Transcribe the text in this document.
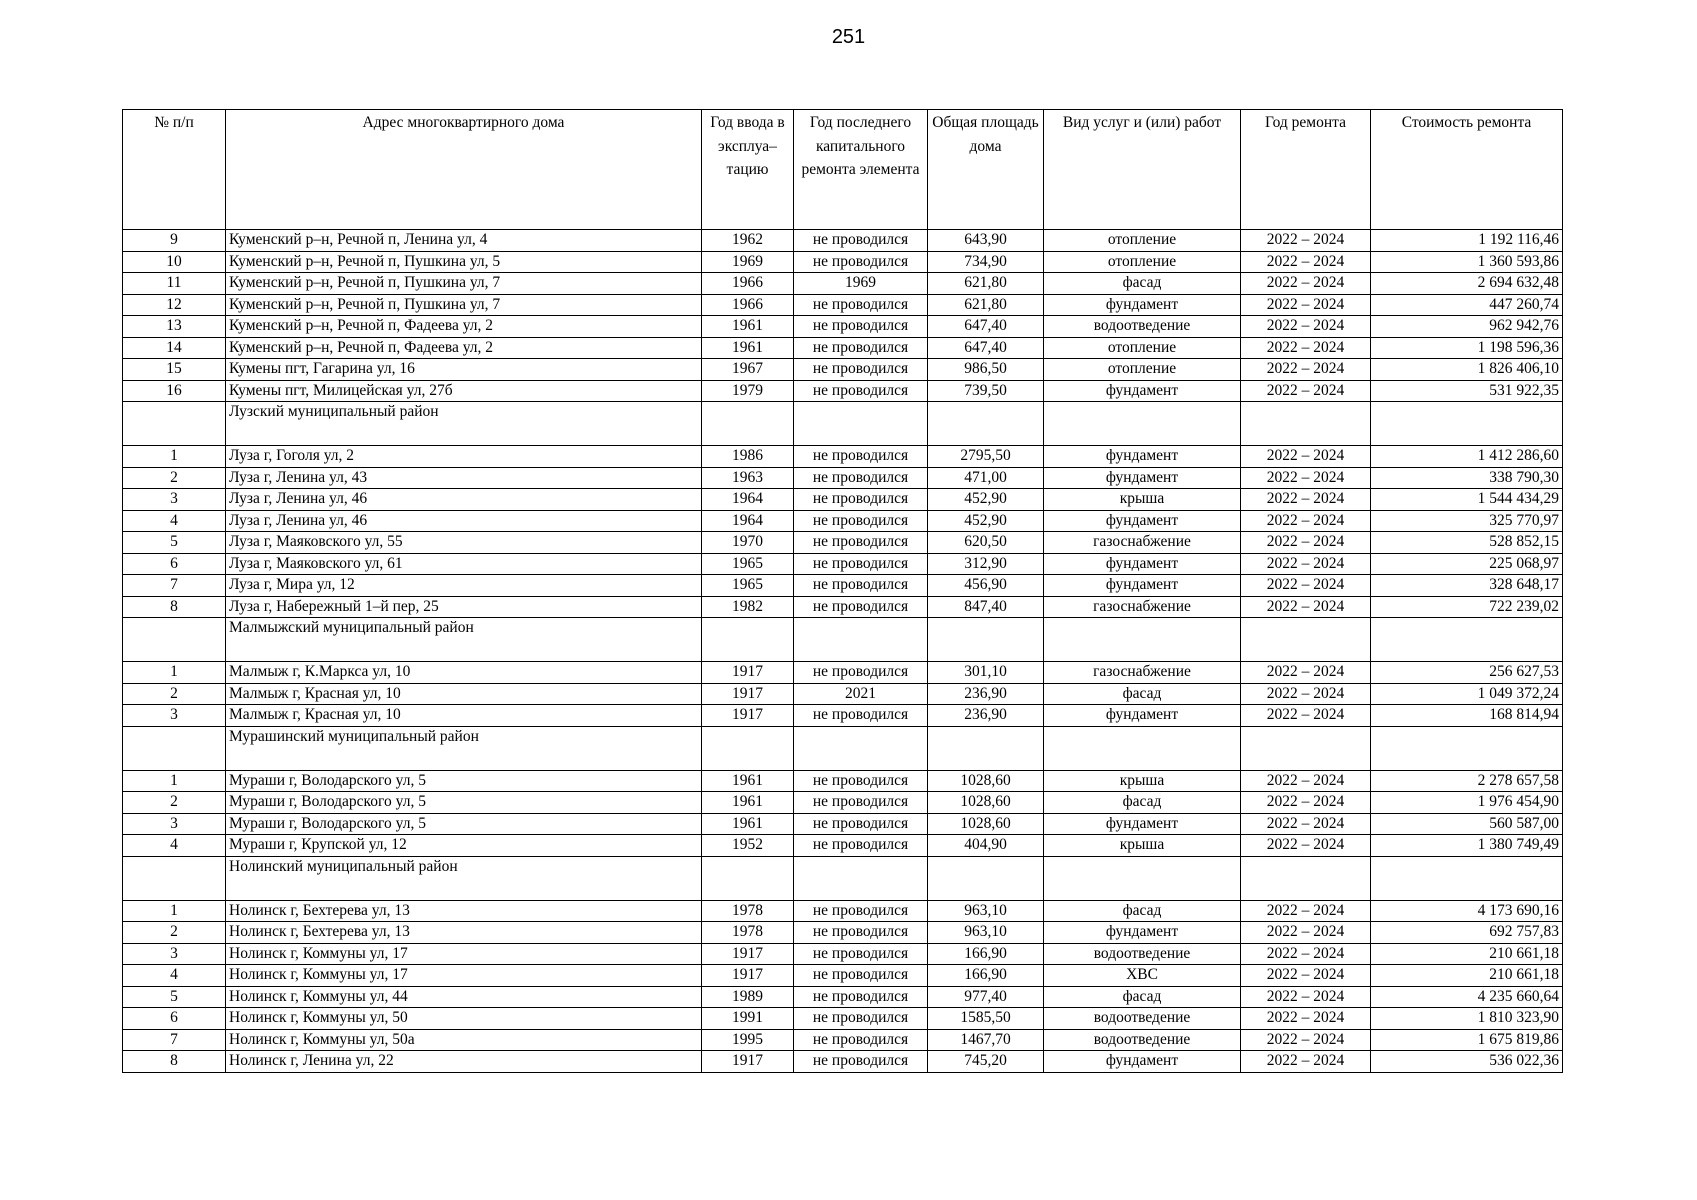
251
№ п/п	Адрес многоквартирного дома	Год ввода в эксплуа– тацию	Год последнего капитального ремонта элемента	Общая площадь дома	Вид услуг и (или) работ	Год ремонта	Стоимость ремонта
9	Куменский р–н, Речной п, Ленина ул, 4	1962	не проводился	643,90	отопление	2022 – 2024	1 192 116,46
10	Куменский р–н, Речной п, Пушкина ул, 5	1969	не проводился	734,90	отопление	2022 – 2024	1 360 593,86
11	Куменский р–н, Речной п, Пушкина ул, 7	1966	1969	621,80	фасад	2022 – 2024	2 694 632,48
12	Куменский р–н, Речной п, Пушкина ул, 7	1966	не проводился	621,80	фундамент	2022 – 2024	447 260,74
13	Куменский р–н, Речной п, Фадеева ул, 2	1961	не проводился	647,40	водоотведение	2022 – 2024	962 942,76
14	Куменский р–н, Речной п, Фадеева ул, 2	1961	не проводился	647,40	отопление	2022 – 2024	1 198 596,36
15	Кумены пгт, Гагарина ул, 16	1967	не проводился	986,50	отопление	2022 – 2024	1 826 406,10
16	Кумены пгт, Милицейская ул, 27б	1979	не проводился	739,50	фундамент	2022 – 2024	531 922,35
	Лузский муниципальный район						
1	Луза г, Гоголя ул, 2	1986	не проводился	2795,50	фундамент	2022 – 2024	1 412 286,60
2	Луза г, Ленина ул, 43	1963	не проводился	471,00	фундамент	2022 – 2024	338 790,30
3	Луза г, Ленина ул, 46	1964	не проводился	452,90	крыша	2022 – 2024	1 544 434,29
4	Луза г, Ленина ул, 46	1964	не проводился	452,90	фундамент	2022 – 2024	325 770,97
5	Луза г, Маяковского ул, 55	1970	не проводился	620,50	газоснабжение	2022 – 2024	528 852,15
6	Луза г, Маяковского ул, 61	1965	не проводился	312,90	фундамент	2022 – 2024	225 068,97
7	Луза г, Мира ул, 12	1965	не проводился	456,90	фундамент	2022 – 2024	328 648,17
8	Луза г, Набережный 1–й пер, 25	1982	не проводился	847,40	газоснабжение	2022 – 2024	722 239,02
	Малмыжский муниципальный район						
1	Малмыж г, К.Маркса ул, 10	1917	не проводился	301,10	газоснабжение	2022 – 2024	256 627,53
2	Малмыж г, Красная ул, 10	1917	2021	236,90	фасад	2022 – 2024	1 049 372,24
3	Малмыж г, Красная ул, 10	1917	не проводился	236,90	фундамент	2022 – 2024	168 814,94
	Мурашинский муниципальный район						
1	Мураши г, Володарского ул, 5	1961	не проводился	1028,60	крыша	2022 – 2024	2 278 657,58
2	Мураши г, Володарского ул, 5	1961	не проводился	1028,60	фасад	2022 – 2024	1 976 454,90
3	Мураши г, Володарского ул, 5	1961	не проводился	1028,60	фундамент	2022 – 2024	560 587,00
4	Мураши г, Крупской ул, 12	1952	не проводился	404,90	крыша	2022 – 2024	1 380 749,49
	Нолинский муниципальный район						
1	Нолинск г, Бехтерева ул, 13	1978	не проводился	963,10	фасад	2022 – 2024	4 173 690,16
2	Нолинск г, Бехтерева ул, 13	1978	не проводился	963,10	фундамент	2022 – 2024	692 757,83
3	Нолинск г, Коммуны ул, 17	1917	не проводился	166,90	водоотведение	2022 – 2024	210 661,18
4	Нолинск г, Коммуны ул, 17	1917	не проводился	166,90	ХВС	2022 – 2024	210 661,18
5	Нолинск г, Коммуны ул, 44	1989	не проводился	977,40	фасад	2022 – 2024	4 235 660,64
6	Нолинск г, Коммуны ул, 50	1991	не проводился	1585,50	водоотведение	2022 – 2024	1 810 323,90
7	Нолинск г, Коммуны ул, 50а	1995	не проводился	1467,70	водоотведение	2022 – 2024	1 675 819,86
8	Нолинск г, Ленина ул, 22	1917	не проводился	745,20	фундамент	2022 – 2024	536 022,36
